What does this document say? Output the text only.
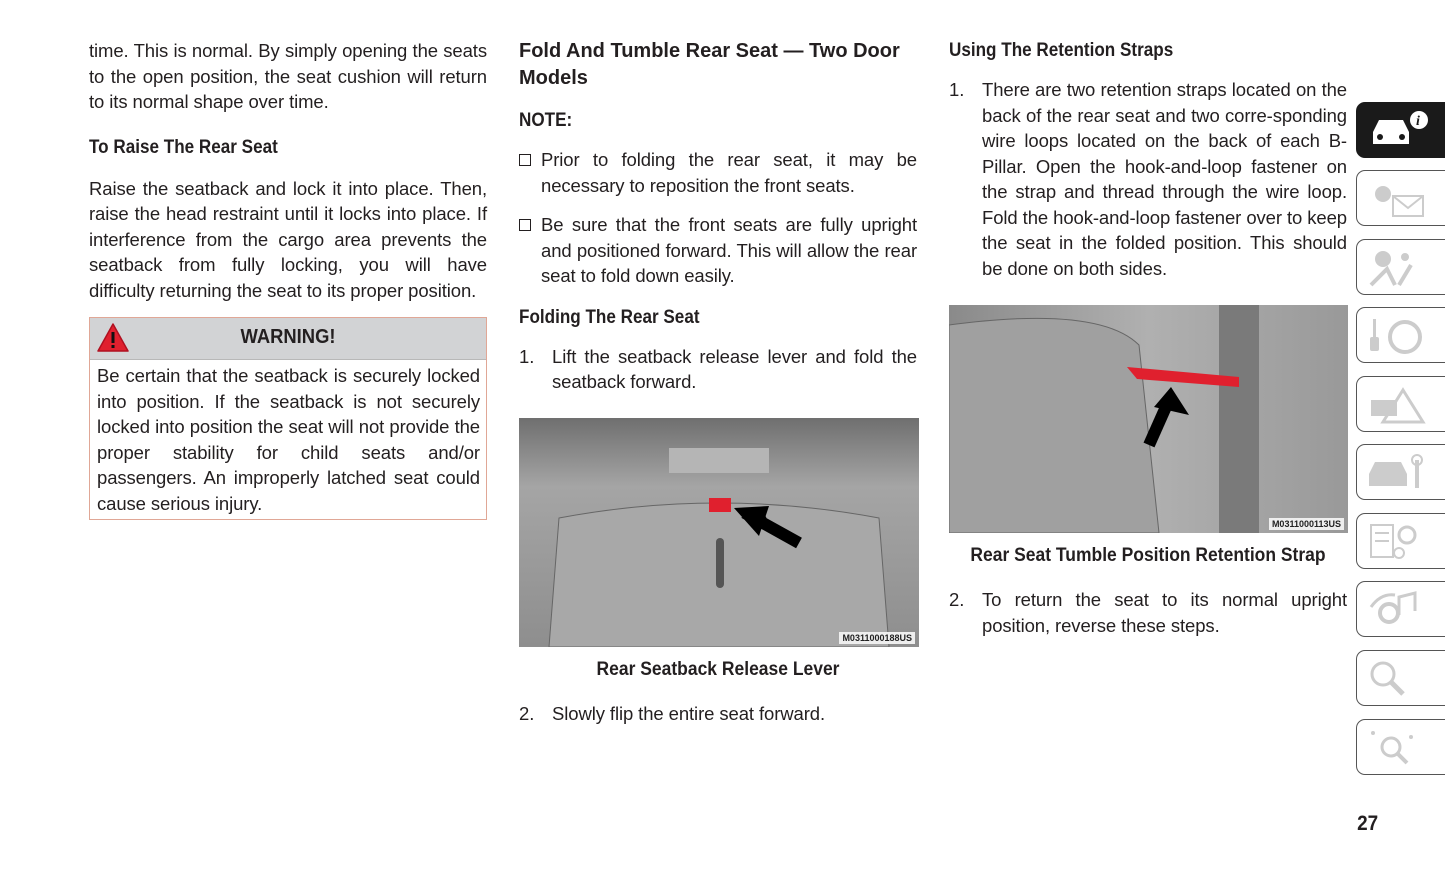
time. This is normal. By simply opening the seats to the open position, the seat cushion will return to its normal shape over time.

To Raise The Rear Seat

Raise the seatback and lock it into place. Then, raise the head restraint until it locks into place. If interference from the cargo area prevents the seatback from fully locking, you will have difficulty returning the seat to its proper position.

WARNING!

Be certain that the seatback is securely locked into position. If the seatback is not securely locked into position the seat will not provide the proper stability for child seats and/or passengers. An improperly latched seat could cause serious injury.

Fold And Tumble Rear Seat — Two Door Models
NOTE:
Prior to folding the rear seat, it may be necessary to reposition the front seats.
Be sure that the front seats are fully upright and positioned forward. This will allow the rear seat to fold down easily.
Folding The Rear Seat
1. Lift the seatback release lever and fold the seatback forward.
M0311000188US
Rear Seatback Release Lever
2. Slowly flip the entire seat forward.
Using The Retention Straps
1. There are two retention straps located on the back of the rear seat and two corre-sponding wire loops located on the back of each B-Pillar. Open the hook-and-loop fastener on the strap and thread through the wire loop. Fold the hook-and-loop fastener over to keep the seat in the folded position. This should be done on both sides.
M0311000113US
Rear Seat Tumble Position Retention Strap
2. To return the seat to its normal upright position, reverse these steps.
i
27
